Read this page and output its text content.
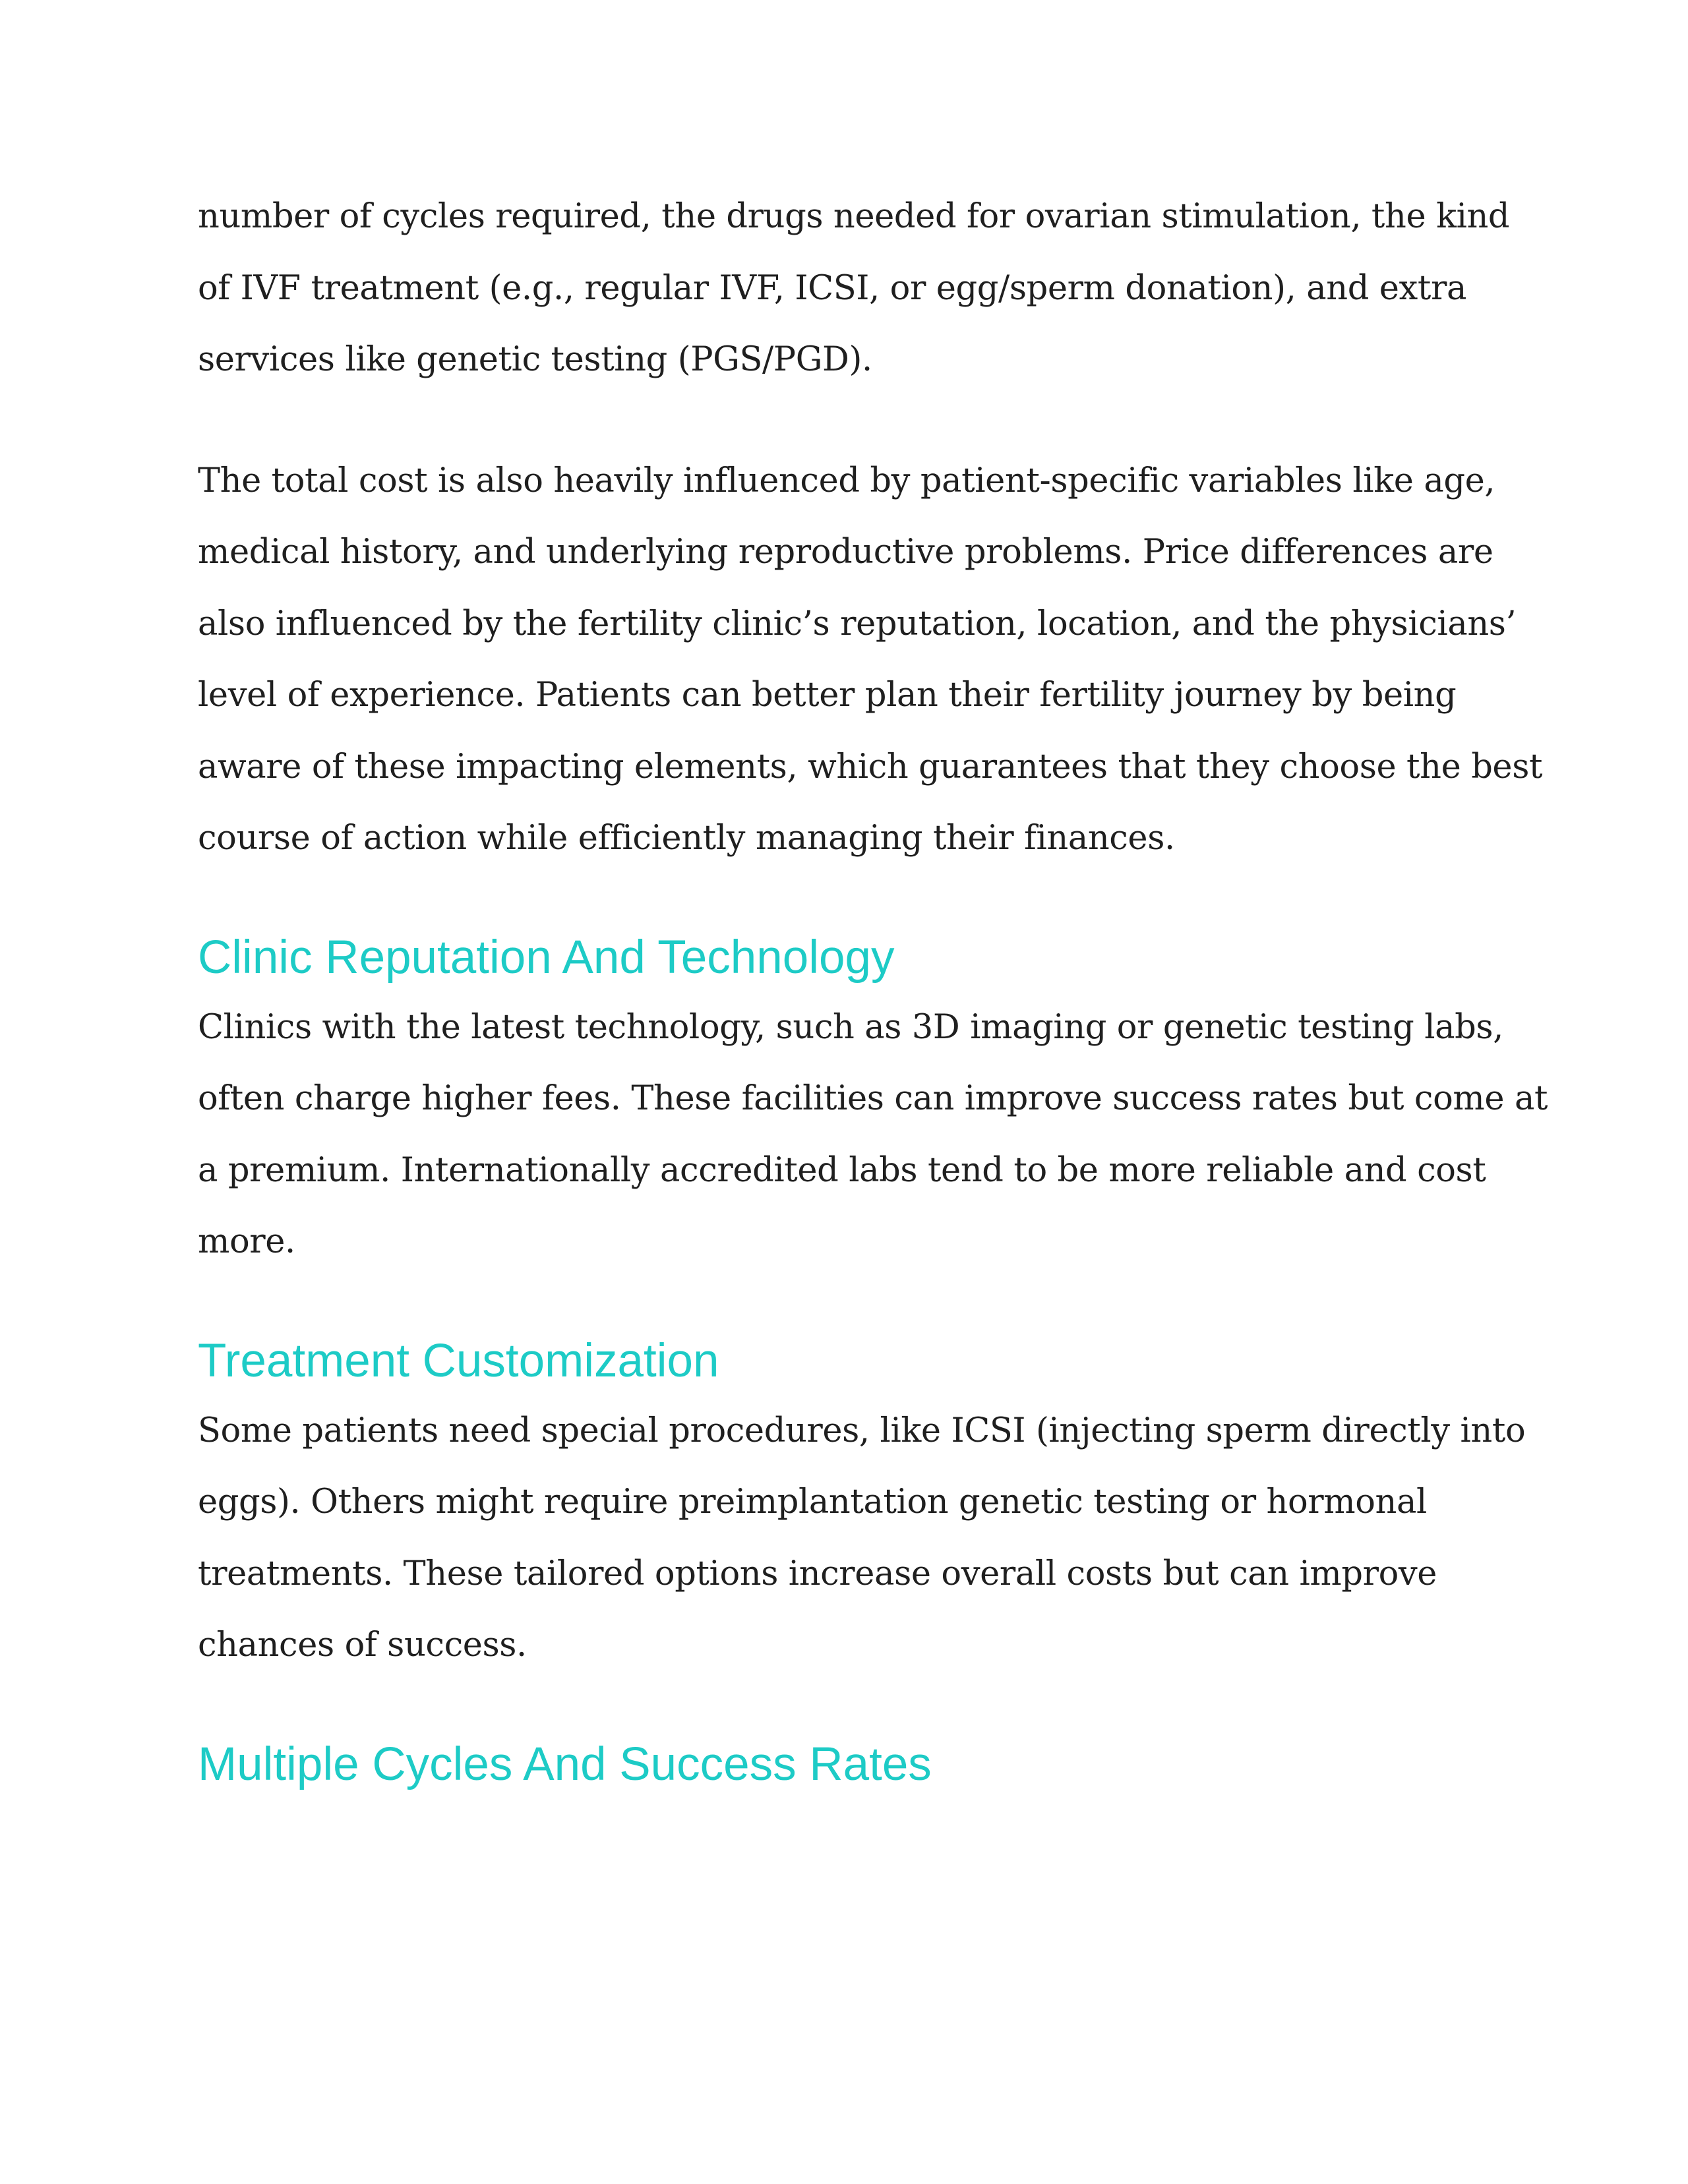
number of cycles required, the drugs needed for ovarian stimulation, the kind
of IVF treatment (e.g., regular IVF, ICSI, or egg/sperm donation), and extra
services like genetic testing (PGS/PGD).

The total cost is also heavily influenced by patient-specific variables like age,
medical history, and underlying reproductive problems. Price differences are
also influenced by the fertility clinic’s reputation, location, and the physicians’
level of experience. Patients can better plan their fertility journey by being
aware of these impacting elements, which guarantees that they choose the best
course of action while efficiently managing their finances.

Clinic Reputation And Technology

Clinics with the latest technology, such as 3D imaging or genetic testing labs,
often charge higher fees. These facilities can improve success rates but come at
a premium. Internationally accredited labs tend to be more reliable and cost
more.

Treatment Customization

Some patients need special procedures, like ICSI (injecting sperm directly into
eggs). Others might require preimplantation genetic testing or hormonal
treatments. These tailored options increase overall costs but can improve
chances of success.

Multiple Cycles And Success Rates
